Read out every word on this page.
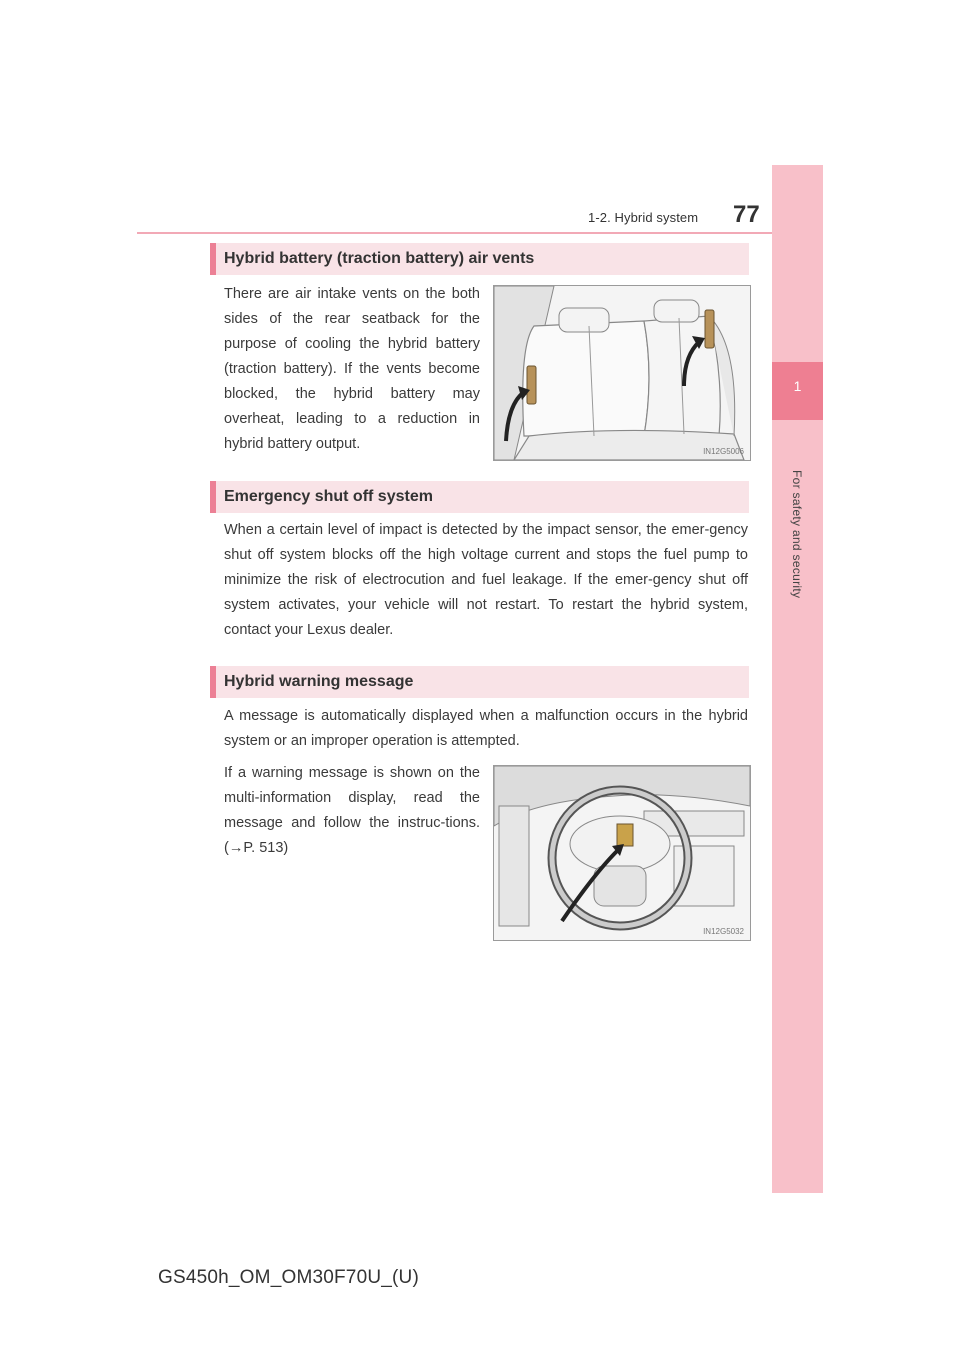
1-2. Hybrid system 77
1
For safety and security
Hybrid battery (traction battery) air vents
There are air intake vents on the both sides of the rear seatback for the purpose of cooling the hybrid battery (traction battery). If the vents become blocked, the hybrid battery may overheat, leading to a reduction in hybrid battery output.	IN12G5006
Emergency shut off system
When a certain level of impact is detected by the impact sensor, the emer-gency shut off system blocks off the high voltage current and stops the fuel pump to minimize the risk of electrocution and fuel leakage. If the emer-gency shut off system activates, your vehicle will not restart. To restart the hybrid system, contact your Lexus dealer.
Hybrid warning message
A message is automatically displayed when a malfunction occurs in the hybrid system or an improper operation is attempted.
If a warning message is shown on the multi-information display, read the message and follow the instruc-tions. (→P. 513)
IN12G5032
GS450h_OM_OM30F70U_(U)
